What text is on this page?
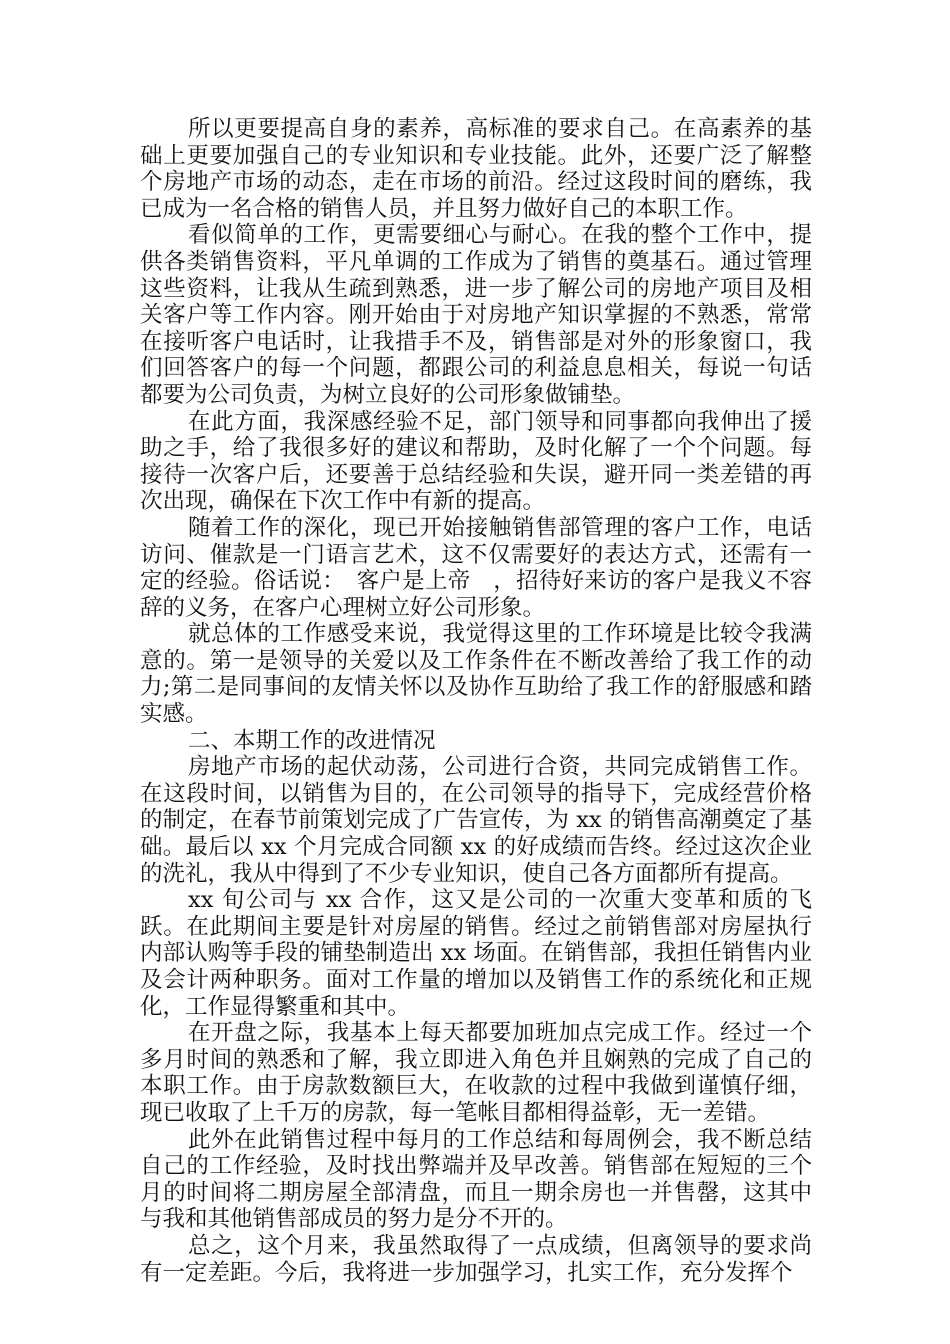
所以更要提高自身的素养，高标准的要求自己。在高素养的基础上更要加强自己的专业知识和专业技能。此外，还要广泛了解整个房地产市场的动态，走在市场的前沿。经过这段时间的磨练，我已成为一名合格的销售人员，并且努力做好自己的本职工作。

看似简单的工作，更需要细心与耐心。在我的整个工作中，提供各类销售资料，平凡单调的工作成为了销售的奠基石。通过管理这些资料，让我从生疏到熟悉，进一步了解公司的房地产项目及相关客户等工作内容。刚开始由于对房地产知识掌握的不熟悉，常常在接听客户电话时，让我措手不及，销售部是对外的形象窗口，我们回答客户的每一个问题，都跟公司的利益息息相关，每说一句话都要为公司负责，为树立良好的公司形象做铺垫。

在此方面，我深感经验不足，部门领导和同事都向我伸出了援助之手，给了我很多好的建议和帮助，及时化解了一个个问题。每接待一次客户后，还要善于总结经验和失误，避开同一类差错的再次出现，确保在下次工作中有新的提高。

随着工作的深化，现已开始接触销售部管理的客户工作，电话访问、催款是一门语言艺术，这不仅需要好的表达方式，还需有一定的经验。俗话说：　客户是上帝　，招待好来访的客户是我义不容辞的义务，在客户心理树立好公司形象。

就总体的工作感受来说，我觉得这里的工作环境是比较令我满意的。第一是领导的关爱以及工作条件在不断改善给了我工作的动力;第二是同事间的友情关怀以及协作互助给了我工作的舒服感和踏实感。

二、本期工作的改进情况

房地产市场的起伏动荡，公司进行合资，共同完成销售工作。在这段时间，以销售为目的，在公司领导的指导下，完成经营价格的制定，在春节前策划完成了广告宣传，为 xx 的销售高潮奠定了基础。最后以 xx 个月完成合同额 xx 的好成绩而告终。经过这次企业的洗礼，我从中得到了不少专业知识，使自己各方面都所有提高。

xx 旬公司与 xx 合作，这又是公司的一次重大变革和质的飞跃。在此期间主要是针对房屋的销售。经过之前销售部对房屋执行内部认购等手段的铺垫制造出 xx 场面。在销售部，我担任销售内业及会计两种职务。面对工作量的增加以及销售工作的系统化和正规化，工作显得繁重和其中。

在开盘之际，我基本上每天都要加班加点完成工作。经过一个多月时间的熟悉和了解，我立即进入角色并且娴熟的完成了自己的本职工作。由于房款数额巨大，在收款的过程中我做到谨慎仔细，现已收取了上千万的房款，每一笔帐目都相得益彰，无一差错。

此外在此销售过程中每月的工作总结和每周例会，我不断总结自己的工作经验，及时找出弊端并及早改善。销售部在短短的三个月的时间将二期房屋全部清盘，而且一期余房也一并售罄，这其中与我和其他销售部成员的努力是分不开的。

总之，这个月来，我虽然取得了一点成绩，但离领导的要求尚有一定差距。今后，我将进一步加强学习，扎实工作，充分发挥个
